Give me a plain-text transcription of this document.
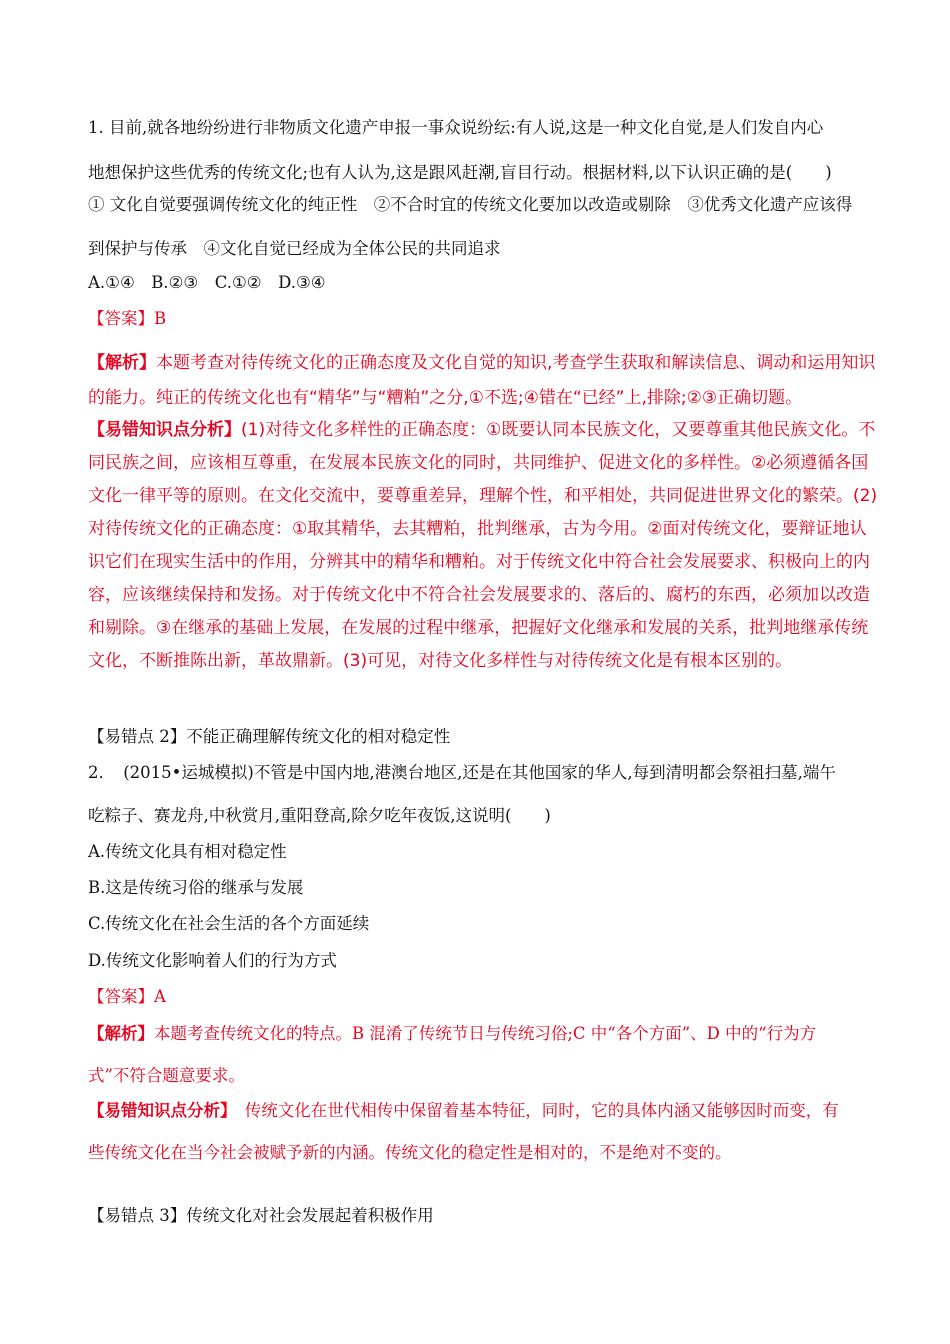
1. 目前,就各地纷纷进行非物质文化遗产申报一事众说纷纭:有人说,这是一种文化自觉,是人们发自内心
地想保护这些优秀的传统文化;也有人认为,这是跟风赶潮,盲目行动。根据材料,以下认识正确的是(　　)
① 文化自觉要强调传统文化的纯正性　②不合时宜的传统文化要加以改造或剔除　③优秀文化遗产应该得
到保护与传承　④文化自觉已经成为全体公民的共同追求
A.①④　B.②③　C.①②　D.③④
【答案】B
【解析】本题考查对待传统文化的正确态度及文化自觉的知识,考查学生获取和解读信息、调动和运用知识
的能力。纯正的传统文化也有“精华”与“糟粕”之分,①不选;④错在“已经”上,排除;②③正确切题。
【易错知识点分析】(1)对待文化多样性的正确态度：①既要认同本民族文化，又要尊重其他民族文化。不
同民族之间，应该相互尊重，在发展本民族文化的同时，共同维护、促进文化的多样性。②必须遵循各国
文化一律平等的原则。在文化交流中，要尊重差异，理解个性，和平相处，共同促进世界文化的繁荣。(2)
对待传统文化的正确态度：①取其精华，去其糟粕，批判继承，古为今用。②面对传统文化，要辩证地认
识它们在现实生活中的作用，分辨其中的精华和糟粕。对于传统文化中符合社会发展要求、积极向上的内
容，应该继续保持和发扬。对于传统文化中不符合社会发展要求的、落后的、腐朽的东西，必须加以改造
和剔除。③在继承的基础上发展，在发展的过程中继承，把握好文化继承和发展的关系，批判地继承传统
文化，不断推陈出新，革故鼎新。(3)可见，对待文化多样性与对待传统文化是有根本区别的。
【易错点 2】不能正确理解传统文化的相对稳定性
2．　(2015•运城模拟)不管是中国内地,港澳台地区,还是在其他国家的华人,每到清明都会祭祖扫墓,端午
吃粽子、赛龙舟,中秋赏月,重阳登高,除夕吃年夜饭,这说明(　　)
A.传统文化具有相对稳定性
B.这是传统习俗的继承与发展
C.传统文化在社会生活的各个方面延续
D.传统文化影响着人们的行为方式
【答案】A
【解析】本题考查传统文化的特点。B 混淆了传统节日与传统习俗;C 中“各个方面”、D 中的“行为方
式”不符合题意要求。
【易错知识点分析】　传统文化在世代相传中保留着基本特征，同时，它的具体内涵又能够因时而变，有
些传统文化在当今社会被赋予新的内涵。传统文化的稳定性是相对的，不是绝对不变的。
【易错点 3】传统文化对社会发展起着积极作用
